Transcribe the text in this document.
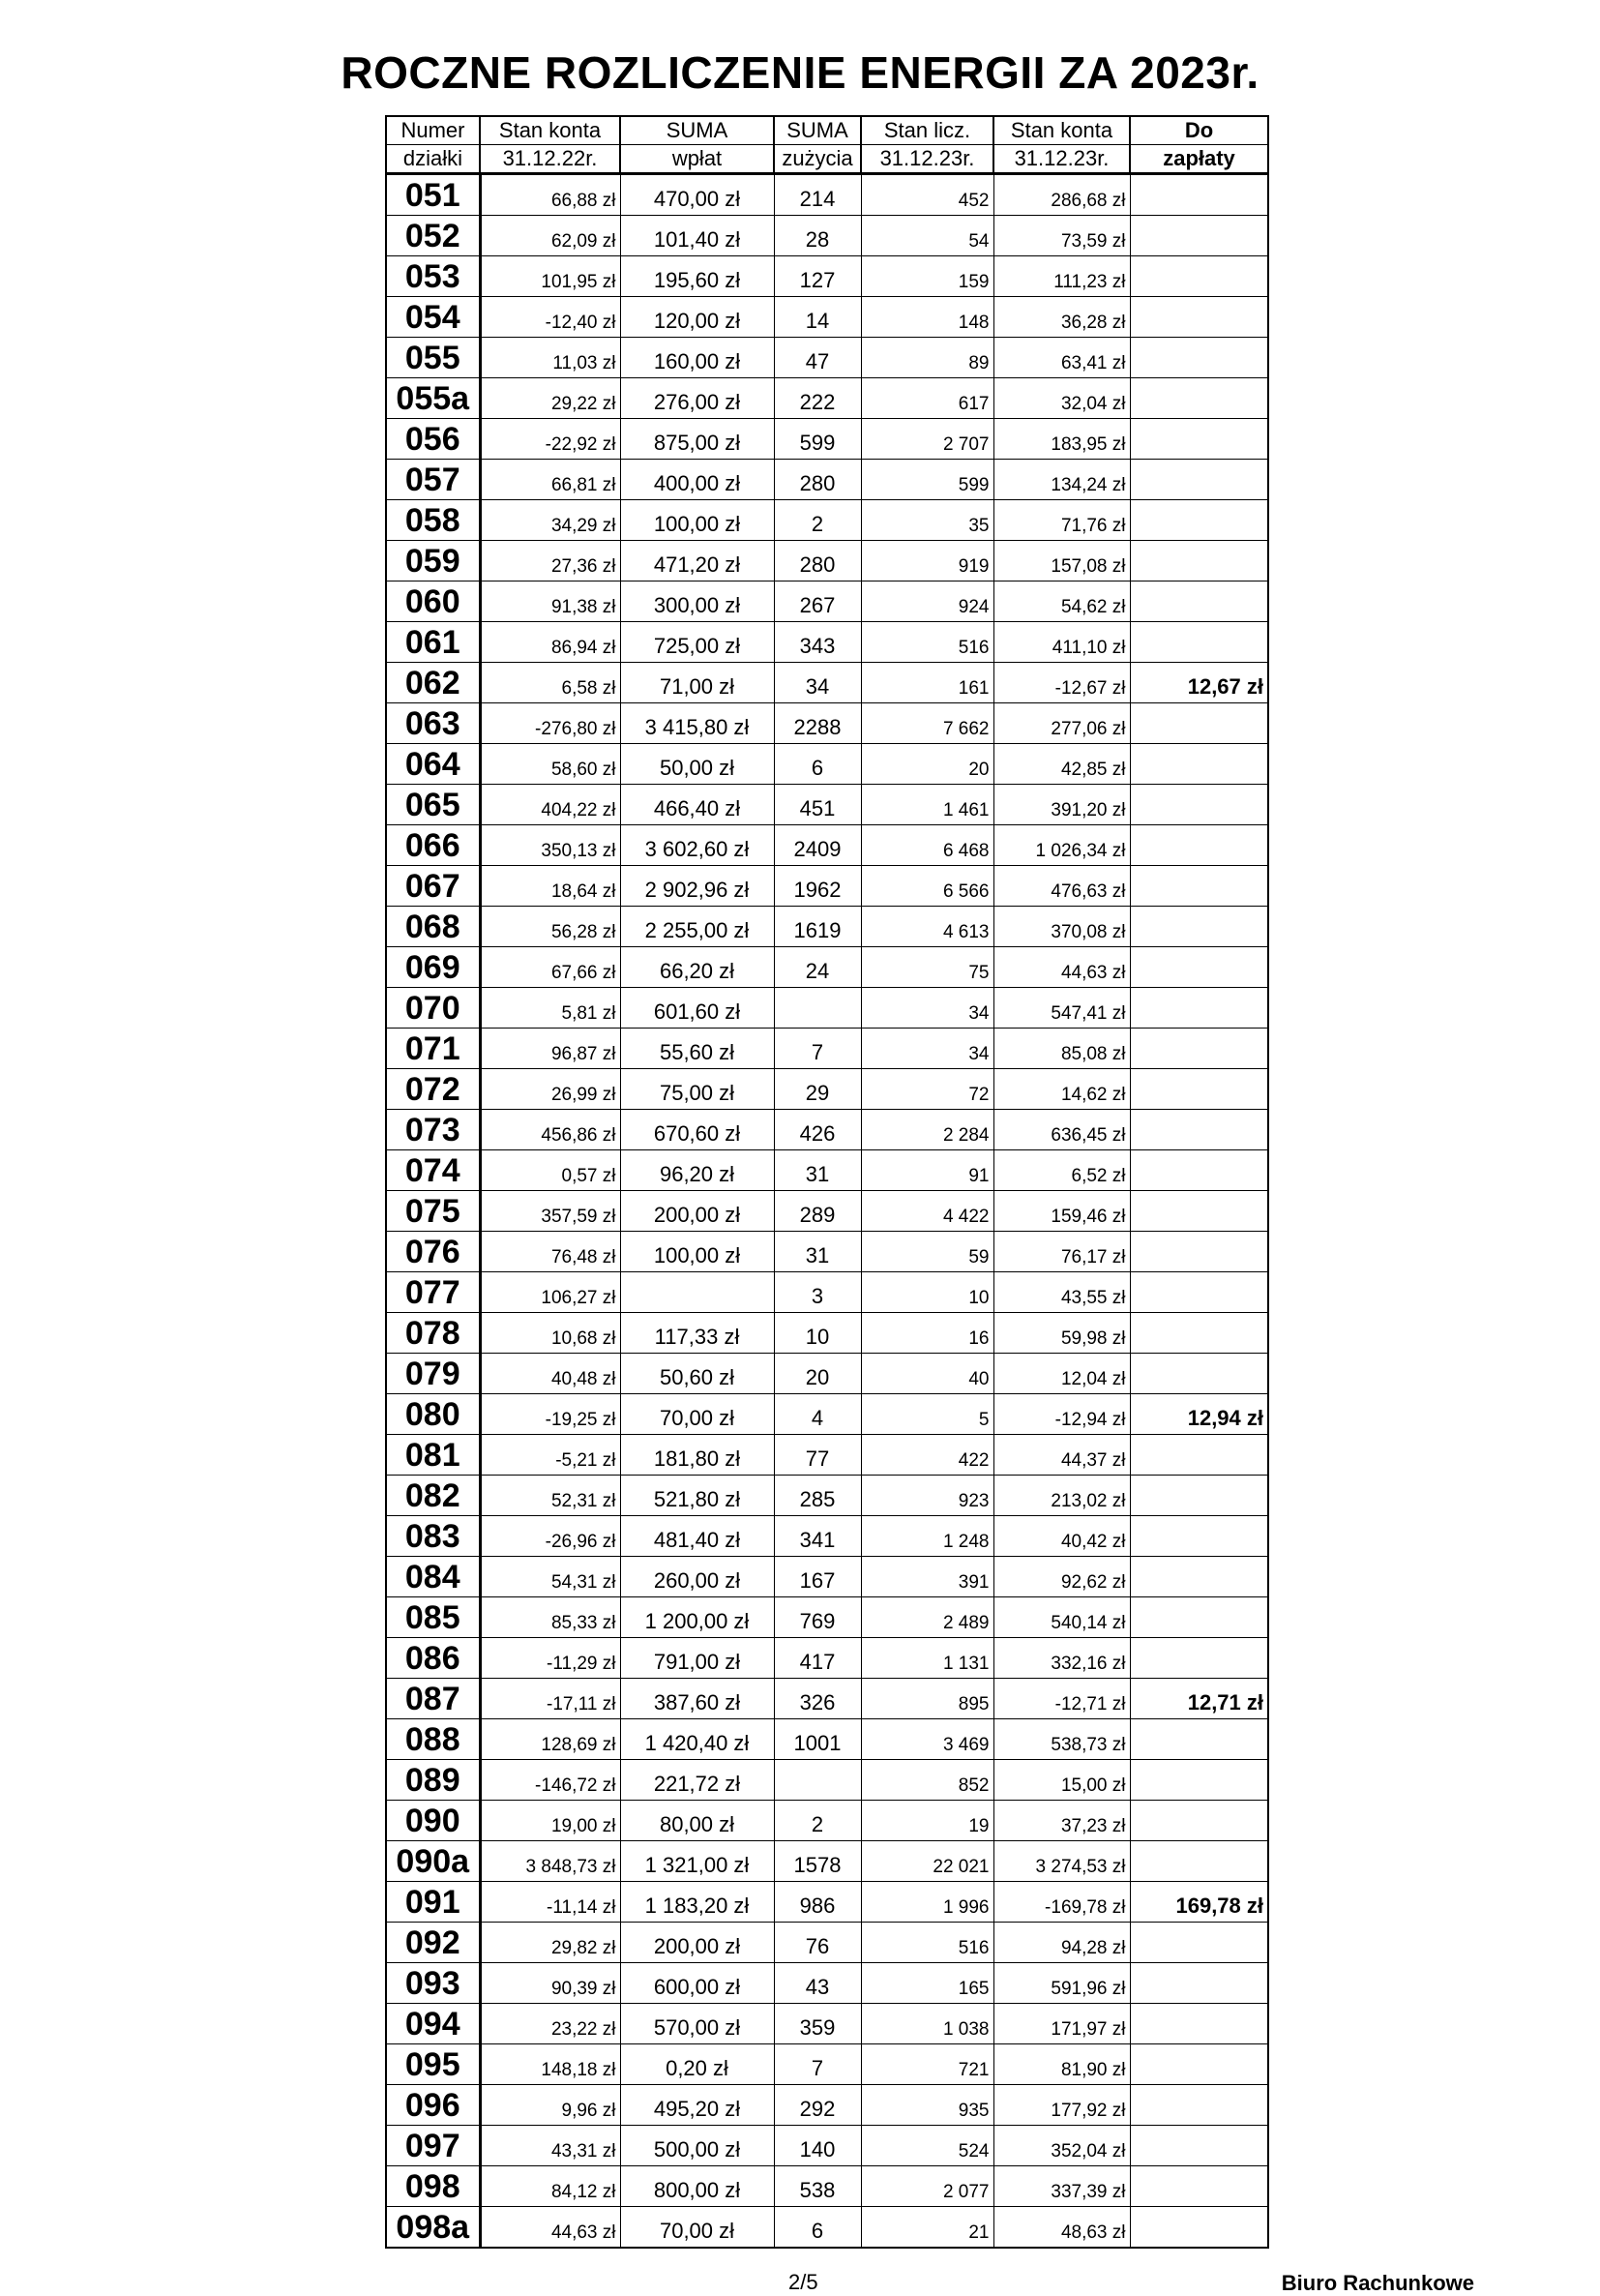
ROCZNE ROZLICZENIE ENERGII ZA 2023r.
Numer	Stan konta	SUMA	SUMA	Stan licz.	Stan konta	Do
działki	31.12.22r.	wpłat	zużycia	31.12.23r.	31.12.23r.	zapłaty
051	66,88 zł	470,00 zł	214	452	286,68 zł	
052	62,09 zł	101,40 zł	28	54	73,59 zł	
053	101,95 zł	195,60 zł	127	159	111,23 zł	
054	-12,40 zł	120,00 zł	14	148	36,28 zł	
055	11,03 zł	160,00 zł	47	89	63,41 zł	
055a	29,22 zł	276,00 zł	222	617	32,04 zł	
056	-22,92 zł	875,00 zł	599	2 707	183,95 zł	
057	66,81 zł	400,00 zł	280	599	134,24 zł	
058	34,29 zł	100,00 zł	2	35	71,76 zł	
059	27,36 zł	471,20 zł	280	919	157,08 zł	
060	91,38 zł	300,00 zł	267	924	54,62 zł	
061	86,94 zł	725,00 zł	343	516	411,10 zł	
062	6,58 zł	71,00 zł	34	161	-12,67 zł	12,67 zł
063	-276,80 zł	3 415,80 zł	2288	7 662	277,06 zł	
064	58,60 zł	50,00 zł	6	20	42,85 zł	
065	404,22 zł	466,40 zł	451	1 461	391,20 zł	
066	350,13 zł	3 602,60 zł	2409	6 468	1 026,34 zł	
067	18,64 zł	2 902,96 zł	1962	6 566	476,63 zł	
068	56,28 zł	2 255,00 zł	1619	4 613	370,08 zł	
069	67,66 zł	66,20 zł	24	75	44,63 zł	
070	5,81 zł	601,60 zł		34	547,41 zł	
071	96,87 zł	55,60 zł	7	34	85,08 zł	
072	26,99 zł	75,00 zł	29	72	14,62 zł	
073	456,86 zł	670,60 zł	426	2 284	636,45 zł	
074	0,57 zł	96,20 zł	31	91	6,52 zł	
075	357,59 zł	200,00 zł	289	4 422	159,46 zł	
076	76,48 zł	100,00 zł	31	59	76,17 zł	
077	106,27 zł		3	10	43,55 zł	
078	10,68 zł	117,33 zł	10	16	59,98 zł	
079	40,48 zł	50,60 zł	20	40	12,04 zł	
080	-19,25 zł	70,00 zł	4	5	-12,94 zł	12,94 zł
081	-5,21 zł	181,80 zł	77	422	44,37 zł	
082	52,31 zł	521,80 zł	285	923	213,02 zł	
083	-26,96 zł	481,40 zł	341	1 248	40,42 zł	
084	54,31 zł	260,00 zł	167	391	92,62 zł	
085	85,33 zł	1 200,00 zł	769	2 489	540,14 zł	
086	-11,29 zł	791,00 zł	417	1 131	332,16 zł	
087	-17,11 zł	387,60 zł	326	895	-12,71 zł	12,71 zł
088	128,69 zł	1 420,40 zł	1001	3 469	538,73 zł	
089	-146,72 zł	221,72 zł		852	15,00 zł	
090	19,00 zł	80,00 zł	2	19	37,23 zł	
090a	3 848,73 zł	1 321,00 zł	1578	22 021	3 274,53 zł	
091	-11,14 zł	1 183,20 zł	986	1 996	-169,78 zł	169,78 zł
092	29,82 zł	200,00 zł	76	516	94,28 zł	
093	90,39 zł	600,00 zł	43	165	591,96 zł	
094	23,22 zł	570,00 zł	359	1 038	171,97 zł	
095	148,18 zł	0,20 zł	7	721	81,90 zł	
096	9,96 zł	495,20 zł	292	935	177,92 zł	
097	43,31 zł	500,00 zł	140	524	352,04 zł	
098	84,12 zł	800,00 zł	538	2 077	337,39 zł	
098a	44,63 zł	70,00 zł	6	21	48,63 zł	
2/5	Biuro Rachunkowe
